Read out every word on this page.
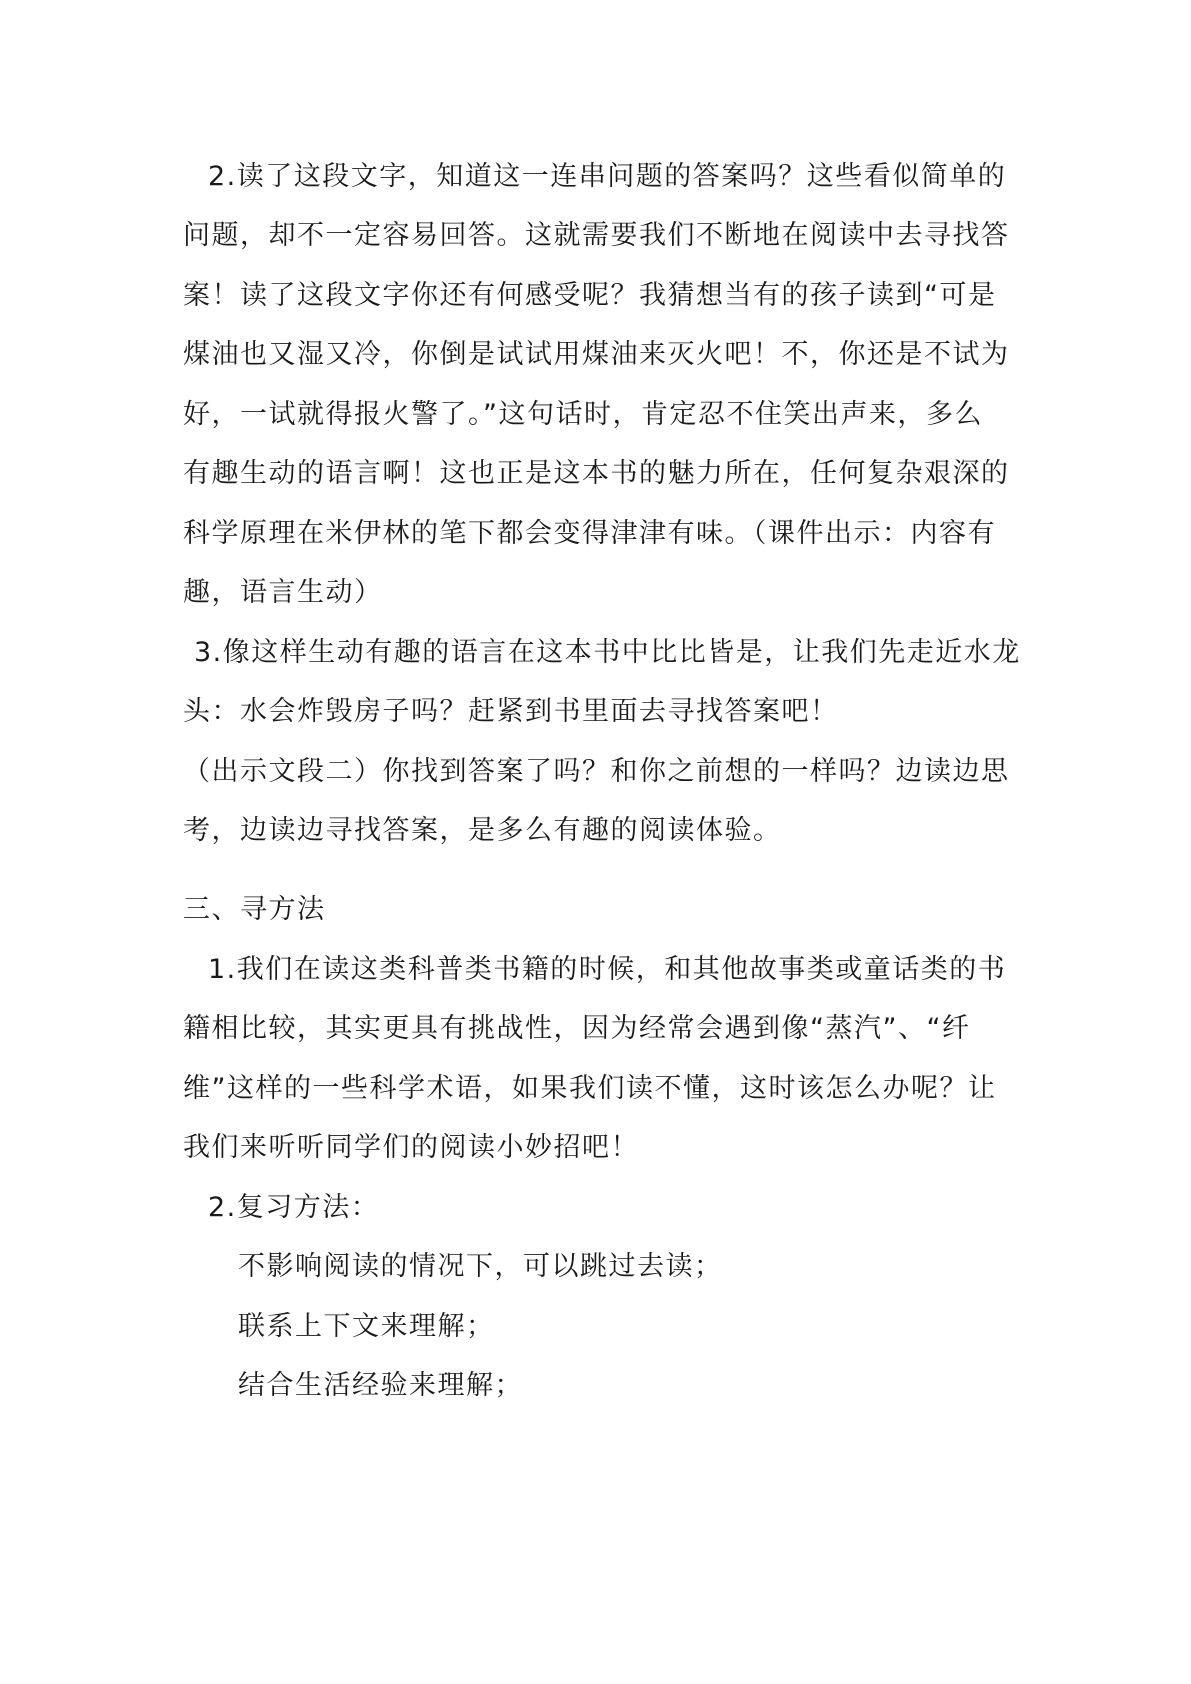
2.读了这段文字，知道这一连串问题的答案吗？这些看似简单的
问题，却不一定容易回答。这就需要我们不断地在阅读中去寻找答
案！读了这段文字你还有何感受呢？我猜想当有的孩子读到“可是
煤油也又湿又冷，你倒是试试用煤油来灭火吧！不，你还是不试为
好，一试就得报火警了。”这句话时，肯定忍不住笑出声来，多么
有趣生动的语言啊！这也正是这本书的魅力所在，任何复杂艰深的
科学原理在米伊林的笔下都会变得津津有味。（课件出示：内容有
趣，语言生动）
3.像这样生动有趣的语言在这本书中比比皆是，让我们先走近水龙
头：水会炸毁房子吗？赶紧到书里面去寻找答案吧！
（出示文段二）你找到答案了吗？和你之前想的一样吗？边读边思
考，边读边寻找答案，是多么有趣的阅读体验。
三、寻方法
1.我们在读这类科普类书籍的时候，和其他故事类或童话类的书
籍相比较，其实更具有挑战性，因为经常会遇到像“蒸汽”、“纤
维”这样的一些科学术语，如果我们读不懂，这时该怎么办呢？让
我们来听听同学们的阅读小妙招吧！
2.复习方法：
不影响阅读的情况下，可以跳过去读；
联系上下文来理解；
结合生活经验来理解；
